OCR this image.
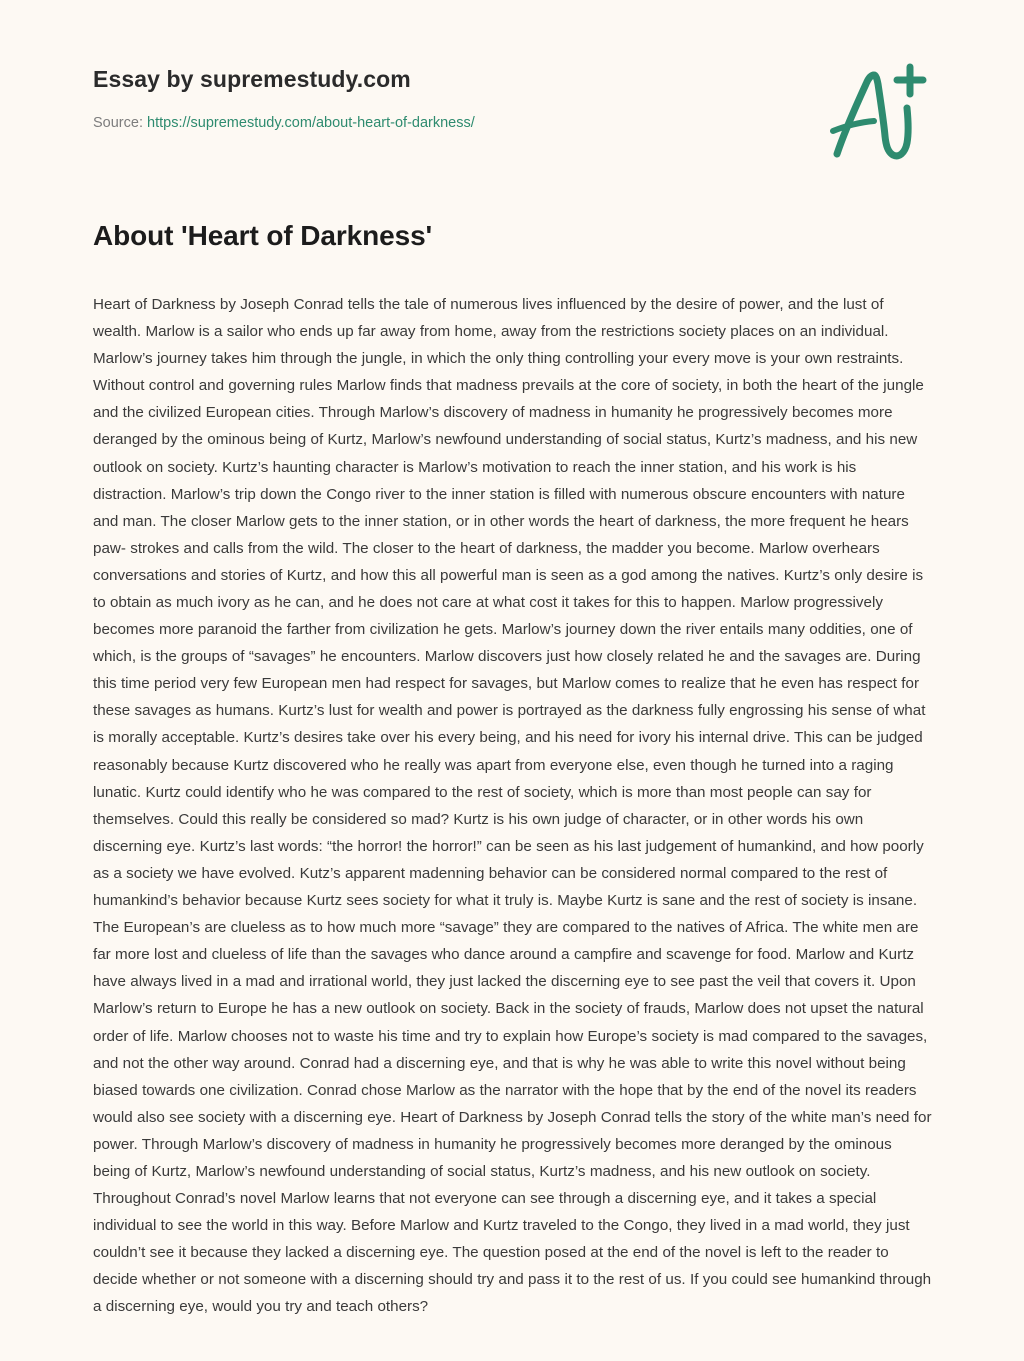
Essay by supremestudy.com
Source: https://supremestudy.com/about-heart-of-darkness/
About 'Heart of Darkness'

Heart of Darkness by Joseph Conrad tells the tale of numerous lives influenced by the desire of power, and the lust of wealth. Marlow is a sailor who ends up far away from home, away from the restrictions society places on an individual. Marlow’s journey takes him through the jungle, in which the only thing controlling your every move is your own restraints. Without control and governing rules Marlow finds that madness prevails at the core of society, in both the heart of the jungle and the civilized European cities. Through Marlow’s discovery of madness in humanity he progressively becomes more deranged by the ominous being of Kurtz, Marlow’s newfound understanding of social status, Kurtz’s madness, and his new outlook on society. Kurtz’s haunting character is Marlow’s motivation to reach the inner station, and his work is his distraction. Marlow’s trip down the Congo river to the inner station is filled with numerous obscure encounters with nature and man. The closer Marlow gets to the inner station, or in other words the heart of darkness, the more frequent he hears paw- strokes and calls from the wild. The closer to the heart of darkness, the madder you become. Marlow overhears conversations and stories of Kurtz, and how this all powerful man is seen as a god among the natives. Kurtz’s only desire is to obtain as much ivory as he can, and he does not care at what cost it takes for this to happen. Marlow progressively becomes more paranoid the farther from civilization he gets. Marlow’s journey down the river entails many oddities, one of which, is the groups of “savages” he encounters. Marlow discovers just how closely related he and the savages are. During this time period very few European men had respect for savages, but Marlow comes to realize that he even has respect for these savages as humans. Kurtz’s lust for wealth and power is portrayed as the darkness fully engrossing his sense of what is morally acceptable. Kurtz’s desires take over his every being, and his need for ivory his internal drive. This can be judged reasonably because Kurtz discovered who he really was apart from everyone else, even though he turned into a raging lunatic. Kurtz could identify who he was compared to the rest of society, which is more than most people can say for themselves. Could this really be considered so mad? Kurtz is his own judge of character, or in other words his own discerning eye. Kurtz’s last words: “the horror! the horror!” can be seen as his last judgement of humankind, and how poorly as a society we have evolved. Kutz’s apparent madenning behavior can be considered normal compared to the rest of humankind’s behavior because Kurtz sees society for what it truly is. Maybe Kurtz is sane and the rest of society is insane. The European’s are clueless as to how much more “savage” they are compared to the natives of Africa. The white men are far more lost and clueless of life than the savages who dance around a campfire and scavenge for food. Marlow and Kurtz have always lived in a mad and irrational world, they just lacked the discerning eye to see past the veil that covers it. Upon Marlow’s return to Europe he has a new outlook on society. Back in the society of frauds, Marlow does not upset the natural order of life. Marlow chooses not to waste his time and try to explain how Europe’s society is mad compared to the savages, and not the other way around. Conrad had a discerning eye, and that is why he was able to write this novel without being biased towards one civilization. Conrad chose Marlow as the narrator with the hope that by the end of the novel its readers would also see society with a discerning eye. Heart of Darkness by Joseph Conrad tells the story of the white man’s need for power. Through Marlow’s discovery of madness in humanity he progressively becomes more deranged by the ominous being of Kurtz, Marlow’s newfound understanding of social status, Kurtz’s madness, and his new outlook on society. Throughout Conrad’s novel Marlow learns that not everyone can see through a discerning eye, and it takes a special individual to see the world in this way. Before Marlow and Kurtz traveled to the Congo, they lived in a mad world, they just couldn’t see it because they lacked a discerning eye. The question posed at the end of the novel is left to the reader to decide whether or not someone with a discerning should try and pass it to the rest of us. If you could see humankind through a discerning eye, would you try and teach others?
